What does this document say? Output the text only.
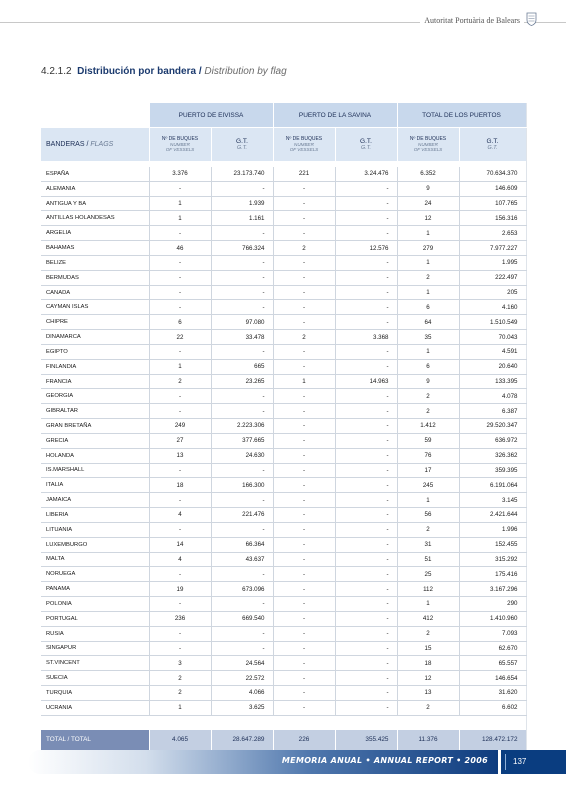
Autoritat Portuària de Balears
4.2.1.2 Distribución por bandera / Distribution by flag
	PUERTO DE EIVISSA		PUERTO DE LA SAVINA		TOTAL DE LOS PUERTOS	
BANDERAS / FLAGS	Nº DE BUQUES
NUMBER
OF VESSELS	G.T.
G.T.	Nº DE BUQUES
NUMBER
OF VESSELS	G.T.
G.T.	Nº DE BUQUES
NUMBER
OF VESSELS	G.T.
G.T.

ESPAÑA	3.376	23.173.740	221	3.24.476	6.352	70.634.370
ALEMANIA	-	-	-	-	9	146.609
ANTIGUA Y BA	1	1.939	-	-	24	107.765
ANTILLAS HOLANDESAS	1	1.161	-	-	12	156.316
ARGELIA	-	-	-	-	1	2.653
BAHAMAS	46	766.324	2	12.576	279	7.977.227
BELIZE	-	-	-	-	1	1.995
BERMUDAS	-	-	-	-	2	222.497
CANADA	-	-	-	-	1	205
CAYMAN ISLAS	-	-	-	-	6	4.160
CHIPRE	6	97.080	-	-	64	1.510.549
DINAMARCA	22	33.478	2	3.368	35	70.043
EGIPTO	-	-	-	-	1	4.591
FINLANDIA	1	665	-	-	6	20.640
FRANCIA	2	23.265	1	14.963	9	133.395
GEORGIA	-	-	-	-	2	4.078
GIBRALTAR	-	-	-	-	2	6.387
GRAN BRETAÑA	249	2.223.306	-	-	1.412	29.520.347
GRECIA	27	377.665	-	-	59	636.972
HOLANDA	13	24.630	-	-	76	326.362
IS.MARSHALL	-	-	-	-	17	359.395
ITALIA	18	166.300	-	-	245	6.191.064
JAMAICA	-	-	-	-	1	3.145
LIBERIA	4	221.476	-	-	56	2.421.644
LITUANIA	-	-	-	-	2	1.996
LUXEMBURGO	14	66.364	-	-	31	152.455
MALTA	4	43.637	-	-	51	315.292
NORUEGA	-	-	-	-	25	175.416
PANAMA	19	673.096	-	-	112	3.167.296
POLONIA	-	-	-	-	1	290
PORTUGAL	236	669.540	-	-	412	1.410.960
RUSIA	-	-	-	-	2	7.093
SINGAPUR	-	-	-	-	15	62.670
ST.VINCENT	3	24.564	-	-	18	65.557
SUECIA	2	22.572	-	-	12	146.654
TURQUIA	2	4.066	-	-	13	31.620
UCRANIA	1	3.625	-	-	2	6.602

TOTAL / TOTAL	4.065	28.647.289	226	355.425	11.376	128.472.172
MEMORIA ANUAL • ANNUAL REPORT • 2006	137
